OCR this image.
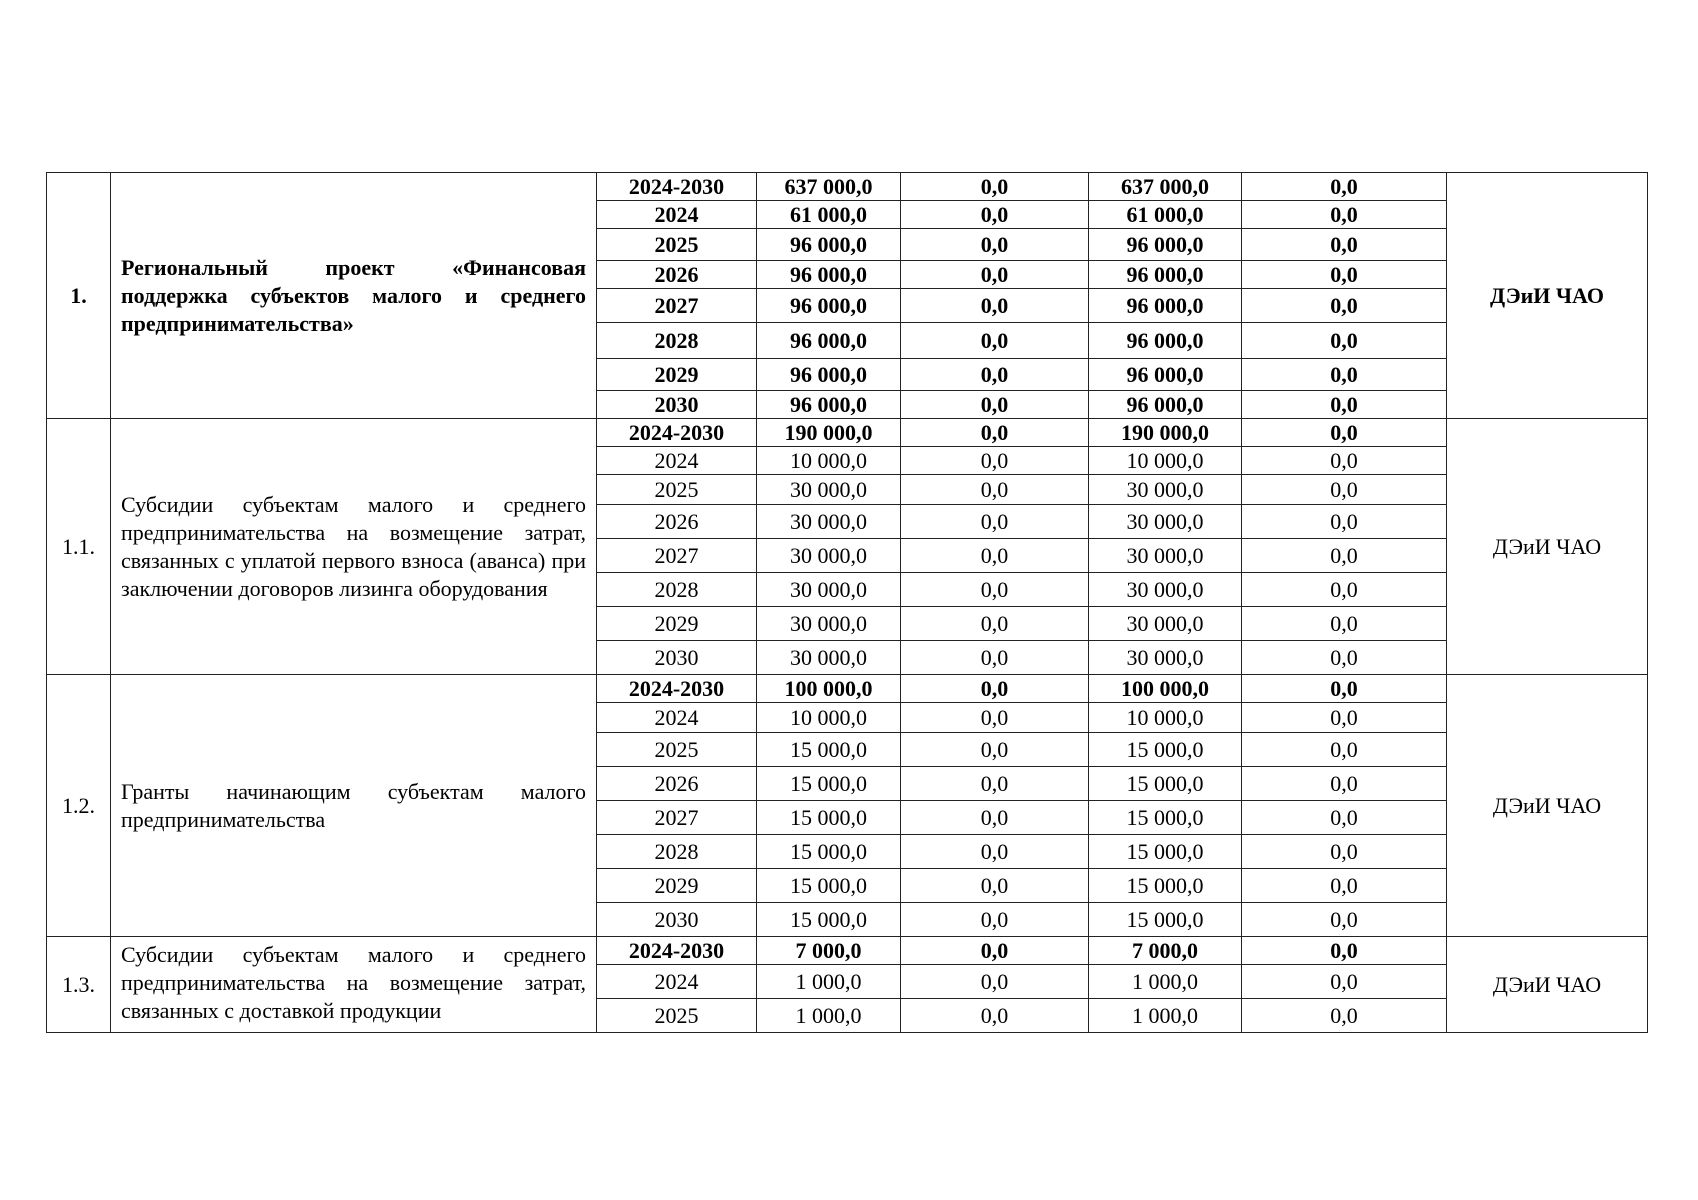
1.	Региональный проект «Финансовая поддержка субъектов малого и среднего предпринимательства»	2024-2030	637 000,0	0,0	637 000,0	0,0	ДЭиИ ЧАО
		2024	61 000,0	0,0	61 000,0	0,0	
		2025	96 000,0	0,0	96 000,0	0,0	
		2026	96 000,0	0,0	96 000,0	0,0	
		2027	96 000,0	0,0	96 000,0	0,0	
		2028	96 000,0	0,0	96 000,0	0,0	
		2029	96 000,0	0,0	96 000,0	0,0	
		2030	96 000,0	0,0	96 000,0	0,0	
1.1.	Субсидии субъектам малого и среднего предпринимательства на возмещение затрат, связанных с уплатой первого взноса (аванса) при заключении договоров лизинга оборудования	2024-2030	190 000,0	0,0	190 000,0	0,0	ДЭиИ ЧАО
		2024	10 000,0	0,0	10 000,0	0,0	
		2025	30 000,0	0,0	30 000,0	0,0	
		2026	30 000,0	0,0	30 000,0	0,0	
		2027	30 000,0	0,0	30 000,0	0,0	
		2028	30 000,0	0,0	30 000,0	0,0	
		2029	30 000,0	0,0	30 000,0	0,0	
		2030	30 000,0	0,0	30 000,0	0,0	
1.2.	Гранты начинающим субъектам малого предпринимательства	2024-2030	100 000,0	0,0	100 000,0	0,0	ДЭиИ ЧАО
		2024	10 000,0	0,0	10 000,0	0,0	
		2025	15 000,0	0,0	15 000,0	0,0	
		2026	15 000,0	0,0	15 000,0	0,0	
		2027	15 000,0	0,0	15 000,0	0,0	
		2028	15 000,0	0,0	15 000,0	0,0	
		2029	15 000,0	0,0	15 000,0	0,0	
		2030	15 000,0	0,0	15 000,0	0,0	
1.3.	Субсидии субъектам малого и среднего предпринимательства на возмещение затрат, связанных с доставкой продукции	2024-2030	7 000,0	0,0	7 000,0	0,0	ДЭиИ ЧАО
		2024	1 000,0	0,0	1 000,0	0,0	
		2025	1 000,0	0,0	1 000,0	0,0	
